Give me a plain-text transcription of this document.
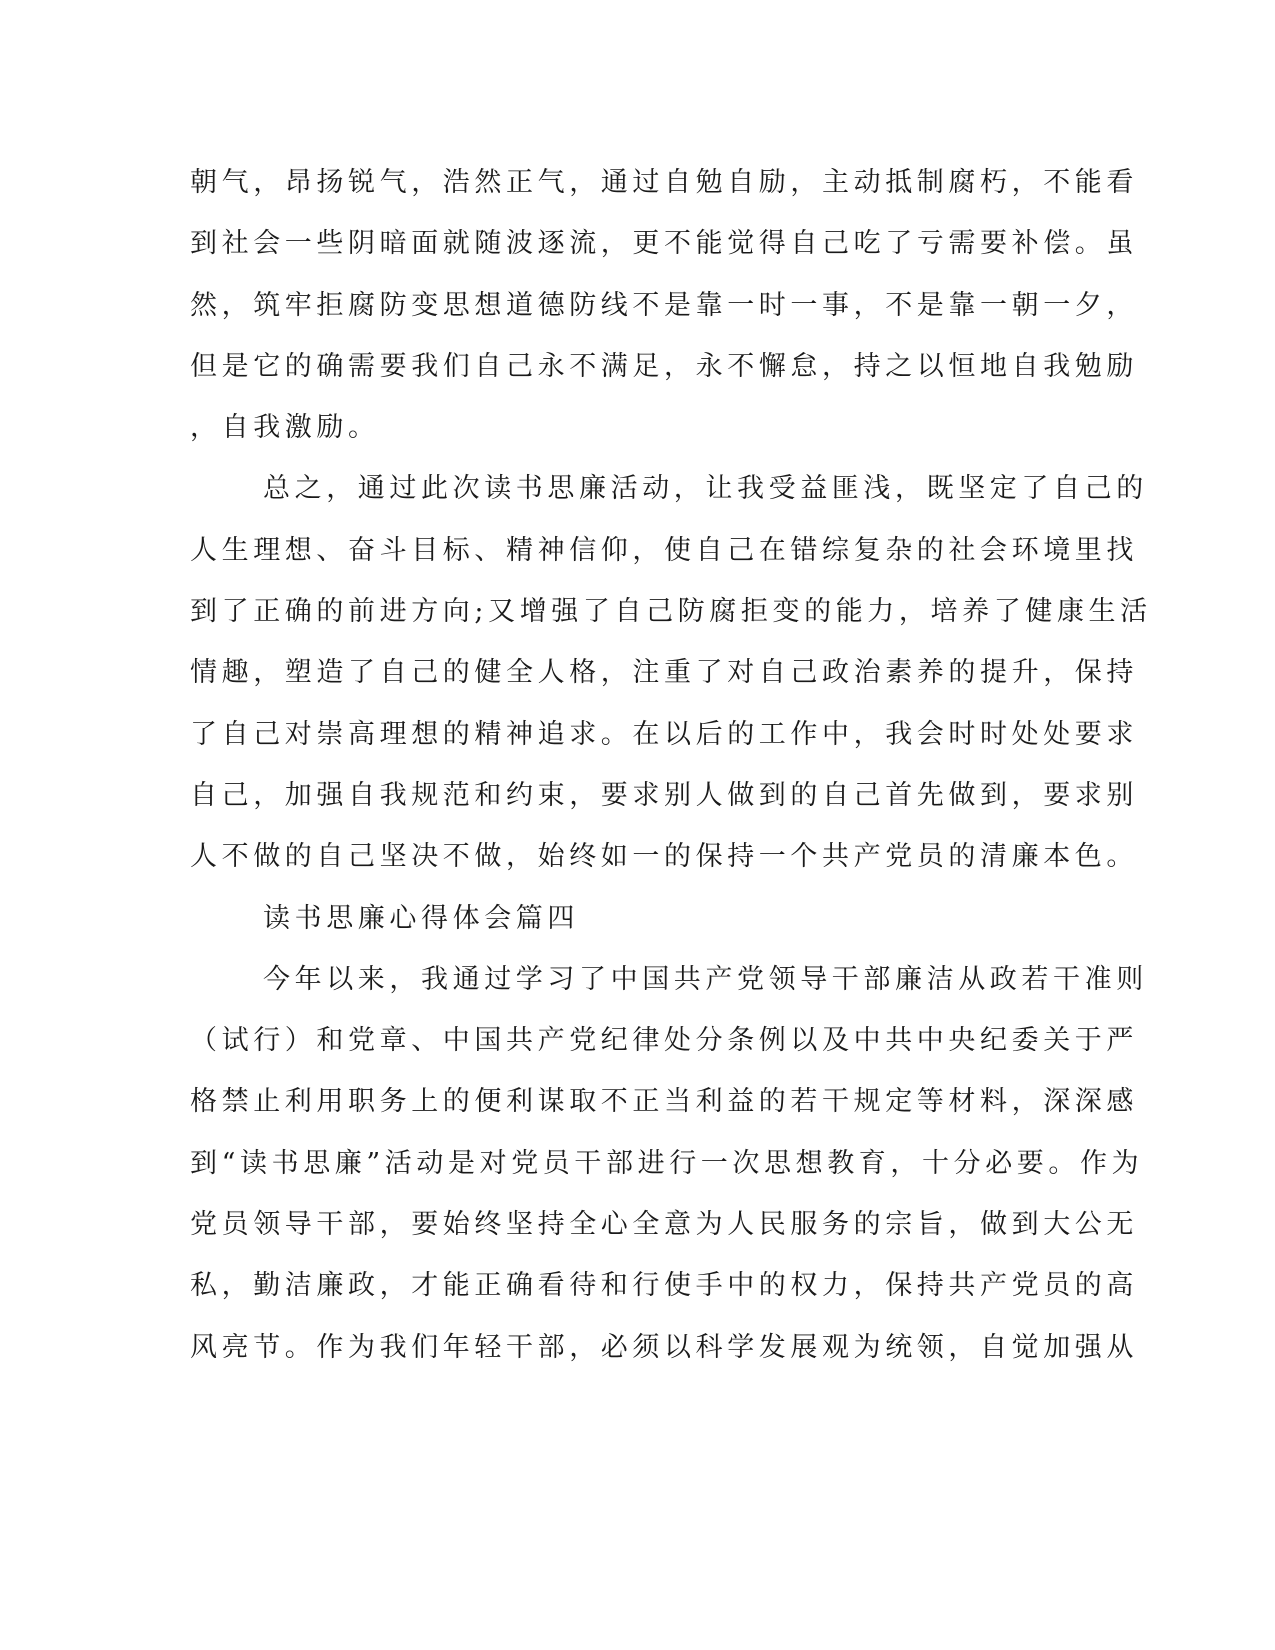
朝气，昂扬锐气，浩然正气，通过自勉自励，主动抵制腐朽，不能看
到社会一些阴暗面就随波逐流，更不能觉得自己吃了亏需要补偿。虽
然，筑牢拒腐防变思想道德防线不是靠一时一事，不是靠一朝一夕，
但是它的确需要我们自己永不满足，永不懈怠，持之以恒地自我勉励
，自我激励。
总之，通过此次读书思廉活动，让我受益匪浅，既坚定了自己的
人生理想、奋斗目标、精神信仰，使自己在错综复杂的社会环境里找
到了正确的前进方向;又增强了自己防腐拒变的能力，培养了健康生活
情趣，塑造了自己的健全人格，注重了对自己政治素养的提升，保持
了自己对崇高理想的精神追求。在以后的工作中，我会时时处处要求
自己，加强自我规范和约束，要求别人做到的自己首先做到，要求别
人不做的自己坚决不做，始终如一的保持一个共产党员的清廉本色。
读书思廉心得体会篇四
今年以来，我通过学习了中国共产党领导干部廉洁从政若干准则
（试行）和党章、中国共产党纪律处分条例以及中共中央纪委关于严
格禁止利用职务上的便利谋取不正当利益的若干规定等材料，深深感
到“读书思廉”活动是对党员干部进行一次思想教育，十分必要。作为
党员领导干部，要始终坚持全心全意为人民服务的宗旨，做到大公无
私，勤洁廉政，才能正确看待和行使手中的权力，保持共产党员的高
风亮节。作为我们年轻干部，必须以科学发展观为统领，自觉加强从
